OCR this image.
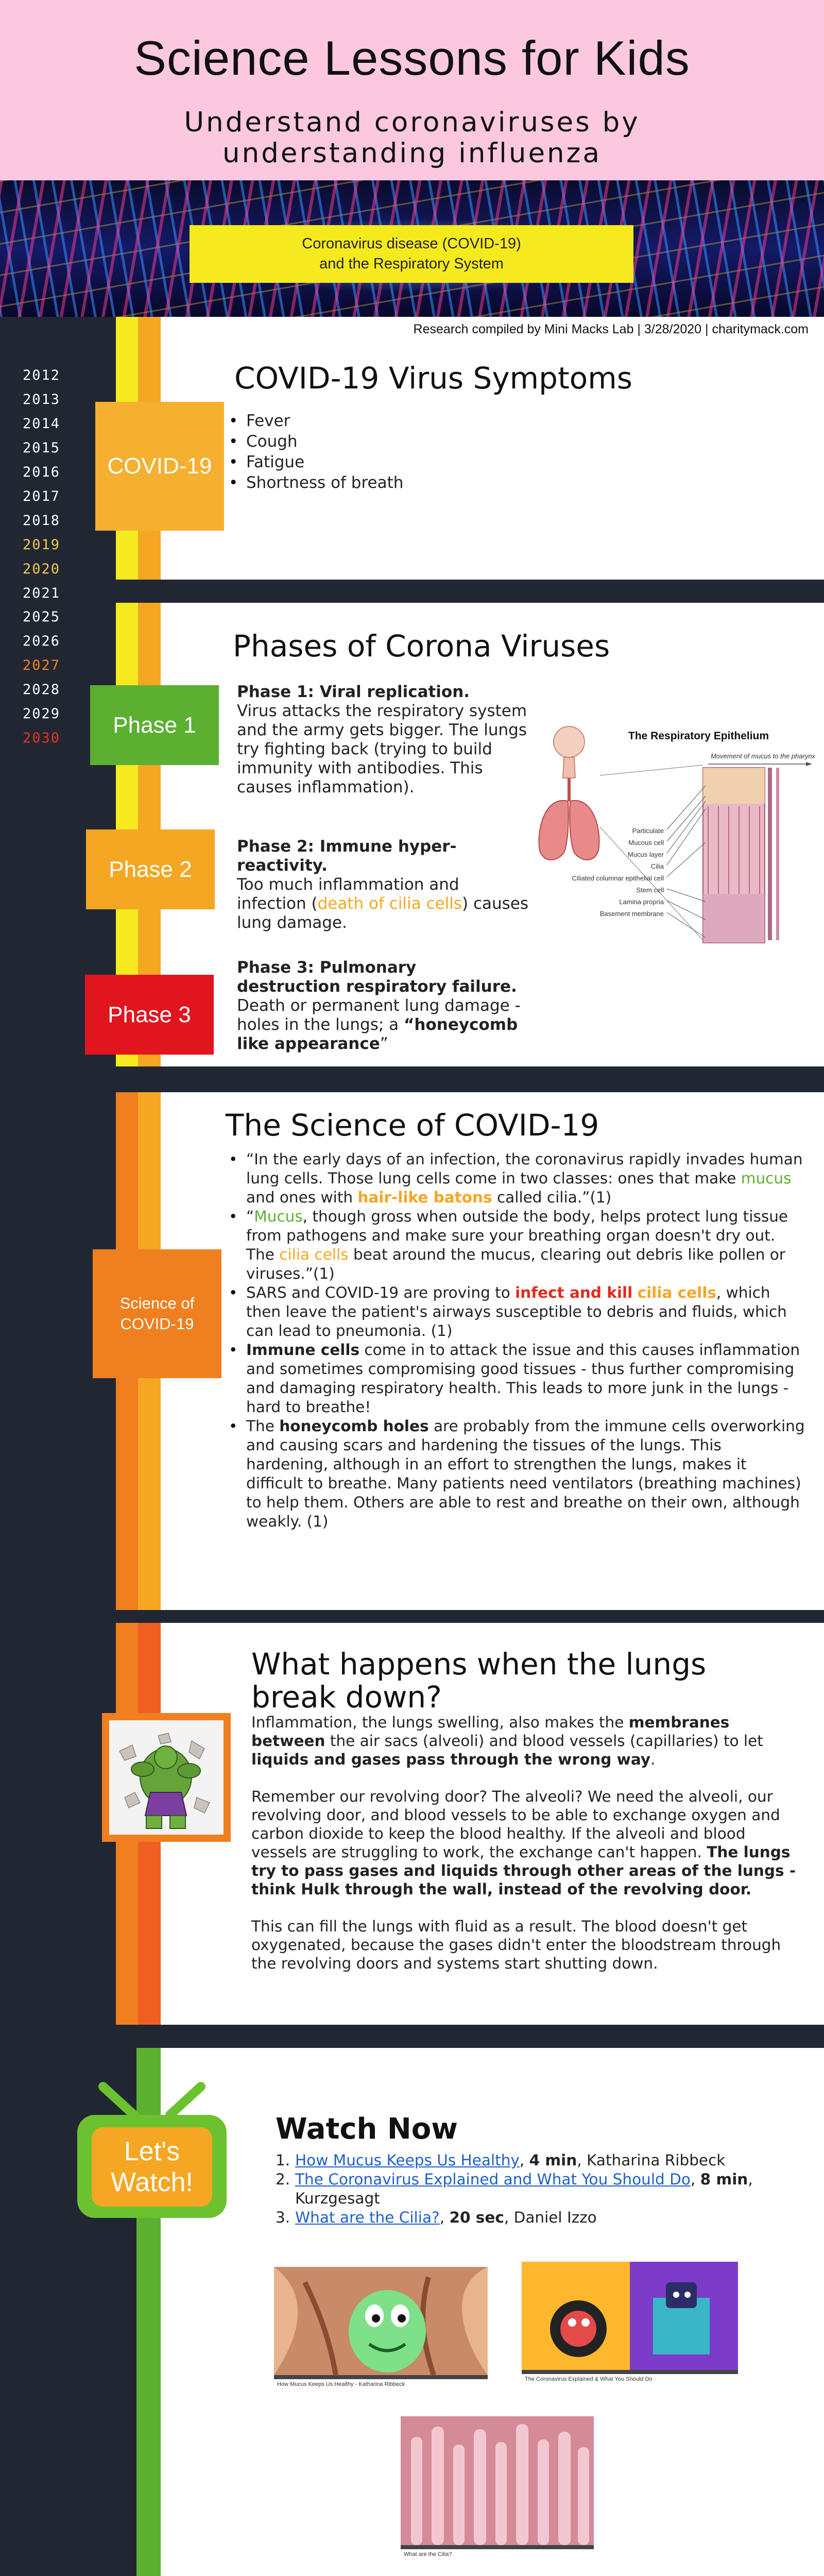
Science Lessons for Kids
Understand coronaviruses by
understanding influenza
Coronavirus disease (COVID-19)
and the Respiratory System
COVID-19
Research compiled by Mini Macks Lab | 3/28/2020 | charitymack.com
COVID-19 Virus Symptoms
• Fever
• Cough
• Fatigue
• Shortness of breath
2012
2013
2014
2015
2016
2017
2018
2019
2020
2021
2025
2026
2027
2028
2029
2030
Phases of Corona Viruses
Phase 1
Phase 2
Phase 3
Phase 1: Viral replication.
Virus attacks the respiratory system and the army gets bigger. The lungs try fighting back (trying to build immunity with antibodies. This causes inflammation).
Phase 2: Immune hyper-reactivity.
Too much inflammation and infection (death of cilia cells) causes lung damage.
Phase 3: Pulmonary destruction respiratory failure.
Death or permanent lung damage - holes in the lungs; a “honeycomb like appearance”
The Respiratory Epithelium
Movement of mucus to the pharynx
Particulate
Mucous cell
Mucus layer
Cilia
Ciliated columnar epithelial cell
Stem cell
Lamina propria
Basement membrane
Science of
COVID-19
The Science of COVID-19
• “In the early days of an infection, the coronavirus rapidly invades human lung cells. Those lung cells come in two classes: ones that make mucus and ones with hair-like batons called cilia.”(1)
• “Mucus, though gross when outside the body, helps protect lung tissue from pathogens and make sure your breathing organ doesn't dry out. The cilia cells beat around the mucus, clearing out debris like pollen or viruses.”(1)
• SARS and COVID-19 are proving to infect and kill cilia cells, which then leave the patient's airways susceptible to debris and fluids, which can lead to pneumonia. (1)
• Immune cells come in to attack the issue and this causes inflammation and sometimes compromising good tissues - thus further compromising and damaging respiratory health. This leads to more junk in the lungs - hard to breathe!
• The honeycomb holes are probably from the immune cells overworking and causing scars and hardening the tissues of the lungs. This hardening, although in an effort to strengthen the lungs, makes it difficult to breathe. Many patients need ventilators (breathing machines) to help them. Others are able to rest and breathe on their own, although weakly. (1)
What happens when the lungs break down?

Inflammation, the lungs swelling, also makes the membranes between the air sacs (alveoli) and blood vessels (capillaries) to let liquids and gases pass through the wrong way.

Remember our revolving door? The alveoli? We need the alveoli, our revolving door, and blood vessels to be able to exchange oxygen and carbon dioxide to keep the blood healthy. If the alveoli and blood vessels are struggling to work, the exchange can't happen. The lungs try to pass gases and liquids through other areas of the lungs - think Hulk through the wall, instead of the revolving door.

This can fill the lungs with fluid as a result. The blood doesn't get oxygenated, because the gases didn't enter the bloodstream through the revolving doors and systems start shutting down.

Let's
Watch!
Watch Now
1. How Mucus Keeps Us Healthy, 4 min, Katharina Ribbeck
2. The Coronavirus Explained and What You Should Do, 8 min, Kurzgesagt
3. What are the Cilia?, 20 sec, Daniel Izzo
How Mucus Keeps Us Healthy - Katharina Ribbeck
The Coronavirus Explained & What You Should Do
What are the Cilia?
